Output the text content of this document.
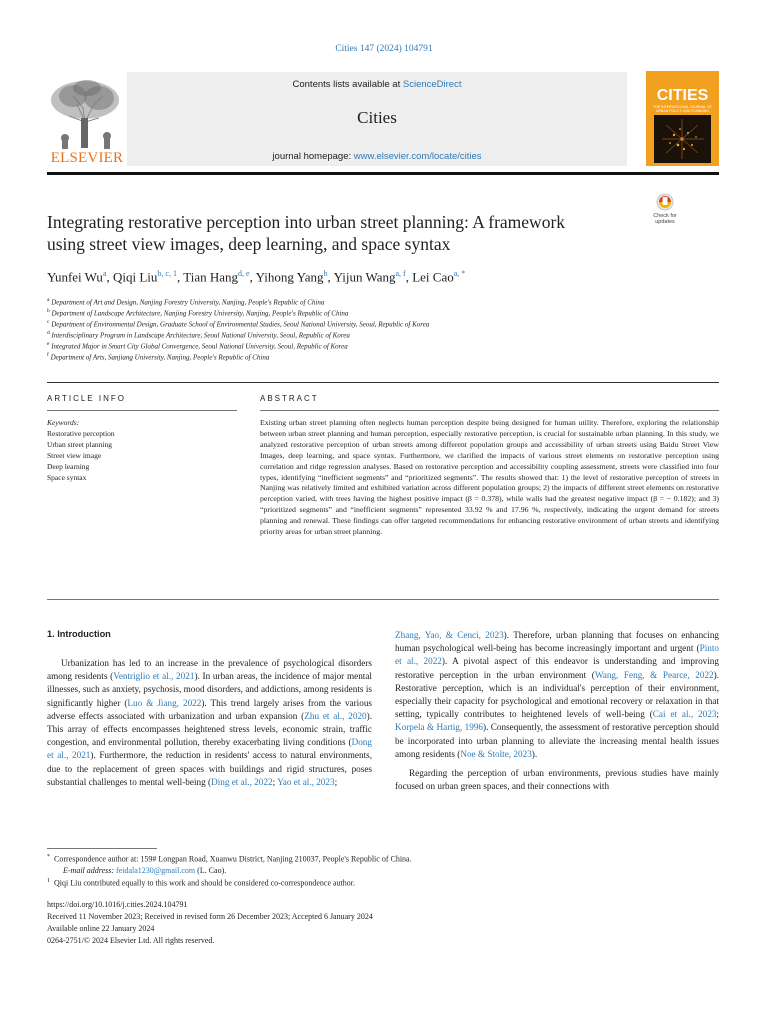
Cities 147 (2024) 104791
Contents lists available at ScienceDirect
Cities
journal homepage: www.elsevier.com/locate/cities
ELSEVIER
CITIES
THE INTERNATIONAL JOURNAL OF URBAN POLICY AND PLANNING
Integrating restorative perception into urban street planning: A framework
using street view images, deep learning, and space syntax
Check for
updates
Yunfei Wu$^a$, Qiqi Liu$^{b, c, 1}$, Tian Hang$^{d, e}$, Yihong Yang$^b$, Yijun Wang$^{a, f}$, Lei Cao$^{a, *}$
$^a$ Department of Art and Design, Nanjing Forestry University, Nanjing, People's Republic of China
$^b$ Department of Landscape Architecture, Nanjing Forestry University, Nanjing, People's Republic of China
$^c$ Department of Environmental Design, Graduate School of Environmental Studies, Seoul National University, Seoul, Republic of Korea
$^d$ Interdisciplinary Program in Landscape Architecture, Seoul National University, Seoul, Republic of Korea
$^e$ Integrated Major in Smart City Global Convergence, Seoul National University, Seoul, Republic of Korea
$^f$ Department of Arts, Sanjiang University, Nanjing, People's Republic of China
ARTICLE INFO	ABSTRACT
Keywords:
Restorative perception
Urban street planning
Street view image
Deep learning
Space syntax
Existing urban street planning often neglects human perception despite being designed for human utility. Therefore, exploring the relationship between urban street planning and human perception, especially restorative perception, is crucial for sustainable urban planning. In this study, we analyzed restorative perception of urban streets among different population groups and accessibility of urban streets using Baidu Street View Images, deep learning, and space syntax. Furthermore, we clarified the impacts of various street elements on restorative perception using correlation and ridge regression analyses. Based on restorative perception and accessibility coupling assessment, streets were classified into four types, identifying “inefficient segments” and “prioritized segments”. The results showed that: 1) the level of restorative perception of streets in Nanjing was relatively limited and exhibited variation across different population groups; 2) the impacts of different street elements on restorative perception varied, with trees having the highest positive impact (β = 0.378), while walls had the greatest negative impact (β = − 0.182); and 3) “prioritized segments” and “inefficient segments” represented 33.92 % and 17.96 %, respectively, indicating the urgent demand for streets planning and renewal. These findings can offer targeted recommendations for enhancing restorative environment of urban streets and identifying priority areas for urban street planning.
1. Introduction

Urbanization has led to an increase in the prevalence of psychological disorders among residents (Ventriglio et al., 2021). In urban areas, the incidence of major mental illnesses, such as anxiety, psychosis, mood disorders, and addictions, among residents is significantly higher (Luo & Jiang, 2022). This trend largely arises from the various adverse effects associated with urbanization and urban expansion (Zhu et al., 2020). This array of effects encompasses heightened stress levels, economic strain, traffic congestion, and environmental pollution, thereby exacerbating living conditions (Dong et al., 2021). Furthermore, the reduction in residents' access to natural environments, due to the replacement of green spaces with buildings and rigid structures, poses substantial challenges to mental well-being (Ding et al., 2022; Yao et al., 2023;

Zhang, Yao, & Cenci, 2023). Therefore, urban planning that focuses on enhancing human psychological well-being has become increasingly important and urgent (Pinto et al., 2022). A pivotal aspect of this endeavor is understanding and improving restorative perception in the urban environment (Wang, Feng, & Pearce, 2022). Restorative perception, which is an individual's perception of their environment, especially their capacity for psychological and emotional recovery or relaxation in that setting, typically contributes to heightened levels of well-being (Cai et al., 2023; Korpela & Hartig, 1996). Consequently, the assessment of restorative perception should be incorporated into urban planning to alleviate the increasing mental health issues among residents (Noe & Stolte, 2023).

Regarding the perception of urban environments, previous studies have mainly focused on urban green spaces, and their connections with

* Correspondence author at: 159# Longpan Road, Xuanwu District, Nanjing 210037, People's Republic of China.
E-mail address: feidala1230@gmail.com (L. Cao).
$^1$ Qiqi Liu contributed equally to this work and should be considered co-correspondence author.
https://doi.org/10.1016/j.cities.2024.104791
Received 11 November 2023; Received in revised form 26 December 2023; Accepted 6 January 2024
Available online 22 January 2024
0264-2751/© 2024 Elsevier Ltd. All rights reserved.
